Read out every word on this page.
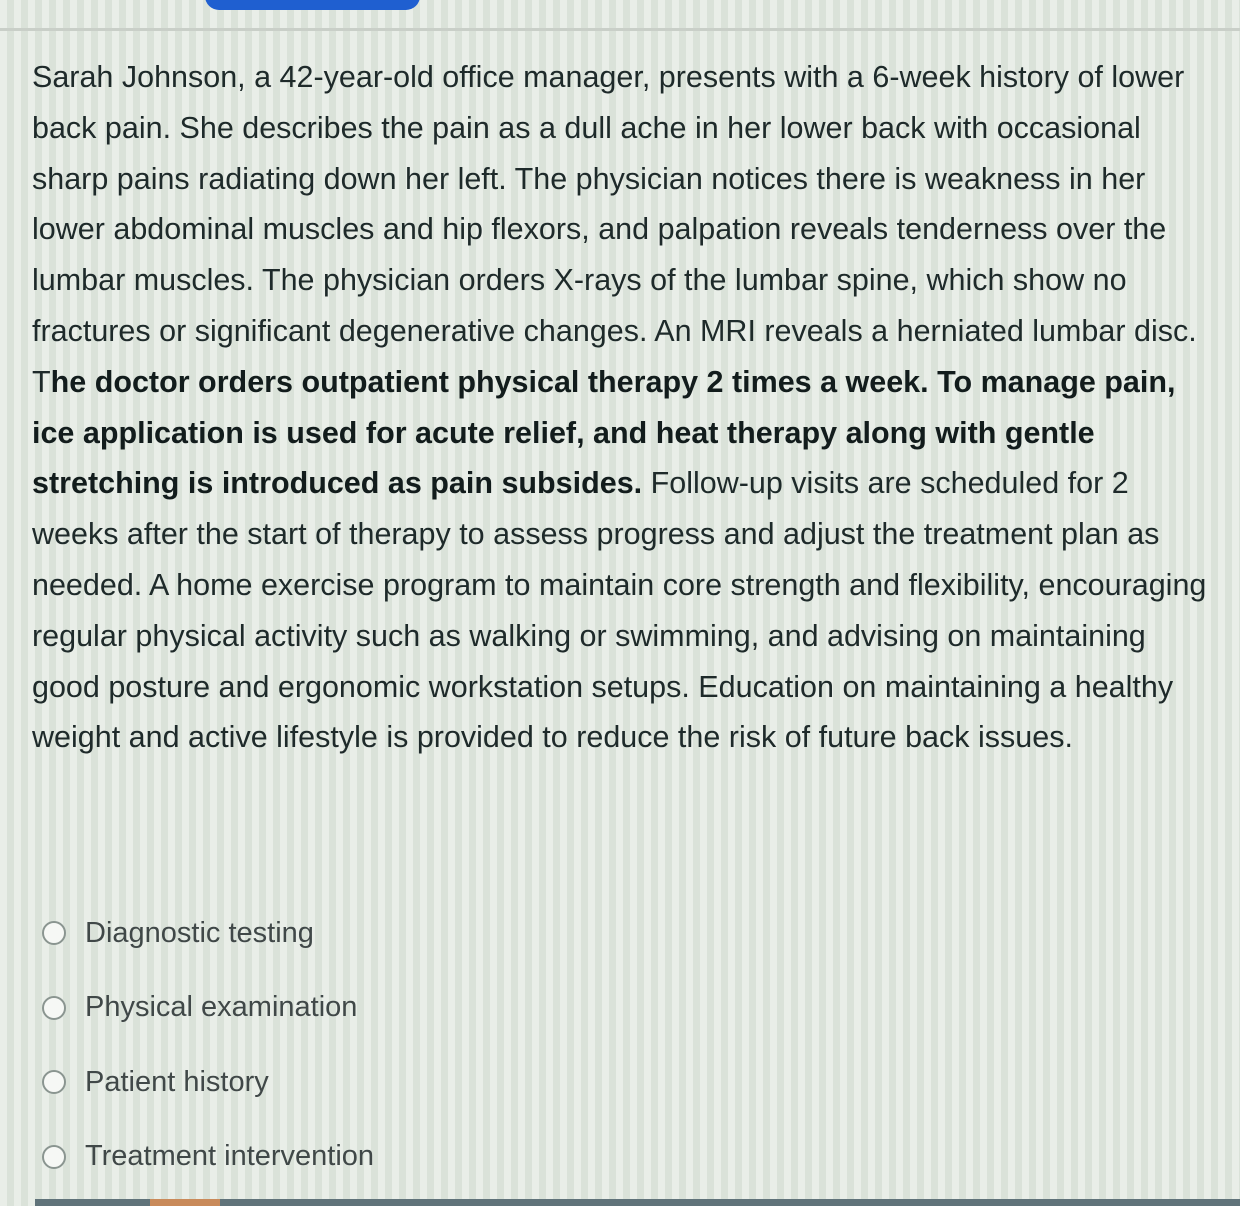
Sarah Johnson, a 42-year-old office manager, presents with a 6-week history of lower back pain. She describes the pain as a dull ache in her lower back with occasional sharp pains radiating down her left. The physician notices there is weakness in her lower abdominal muscles and hip flexors, and palpation reveals tenderness over the lumbar muscles. The physician orders X-rays of the lumbar spine, which show no fractures or significant degenerative changes. An MRI reveals a herniated lumbar disc. The doctor orders outpatient physical therapy 2 times a week. To manage pain, ice application is used for acute relief, and heat therapy along with gentle stretching is introduced as pain subsides. Follow-up visits are scheduled for 2 weeks after the start of therapy to assess progress and adjust the treatment plan as needed. A home exercise program to maintain core strength and flexibility, encouraging regular physical activity such as walking or swimming, and advising on maintaining good posture and ergonomic workstation setups. Education on maintaining a healthy weight and active lifestyle is provided to reduce the risk of future back issues.

Diagnostic testing
Physical examination
Patient history
Treatment intervention
